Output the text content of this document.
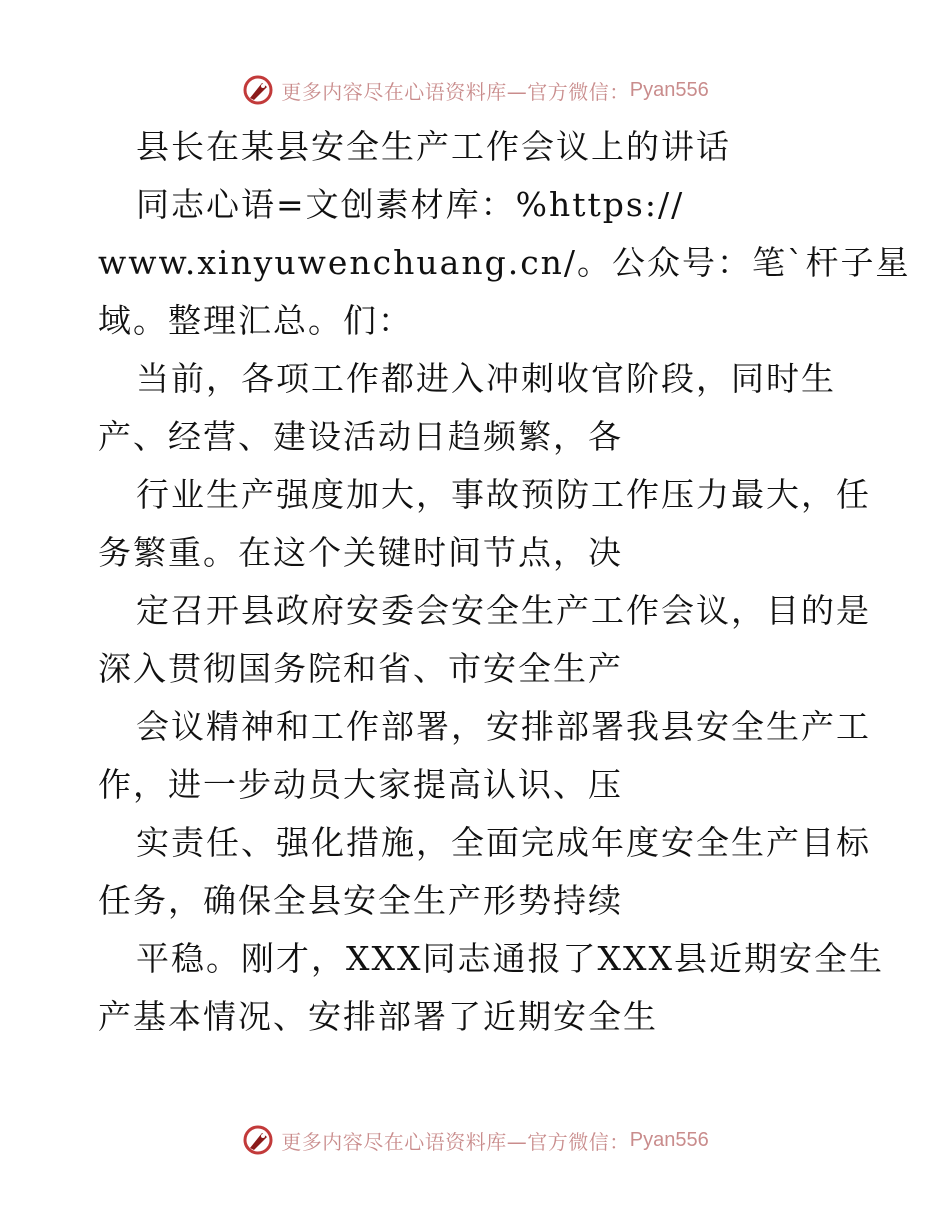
更多内容尽在心语资料库—官方微信： Pyan556
县长在某县安全生产工作会议上的讲话
同志心语=文创素材库：%https://
www.xinyuwenchuang.cn/。公众号：笔`杆子星
域。整理汇总。们：
当前，各项工作都进入冲刺收官阶段，同时生
产、经营、建设活动日趋频繁，各
行业生产强度加大，事故预防工作压力最大，任
务繁重。在这个关键时间节点，决
定召开县政府安委会安全生产工作会议，目的是
深入贯彻国务院和省、市安全生产
会议精神和工作部署，安排部署我县安全生产工
作，进一步动员大家提高认识、压
实责任、强化措施，全面完成年度安全生产目标
任务，确保全县安全生产形势持续
平稳。刚才，XXX同志通报了XXX县近期安全生
产基本情况、安排部署了近期安全生
更多内容尽在心语资料库—官方微信： Pyan556
